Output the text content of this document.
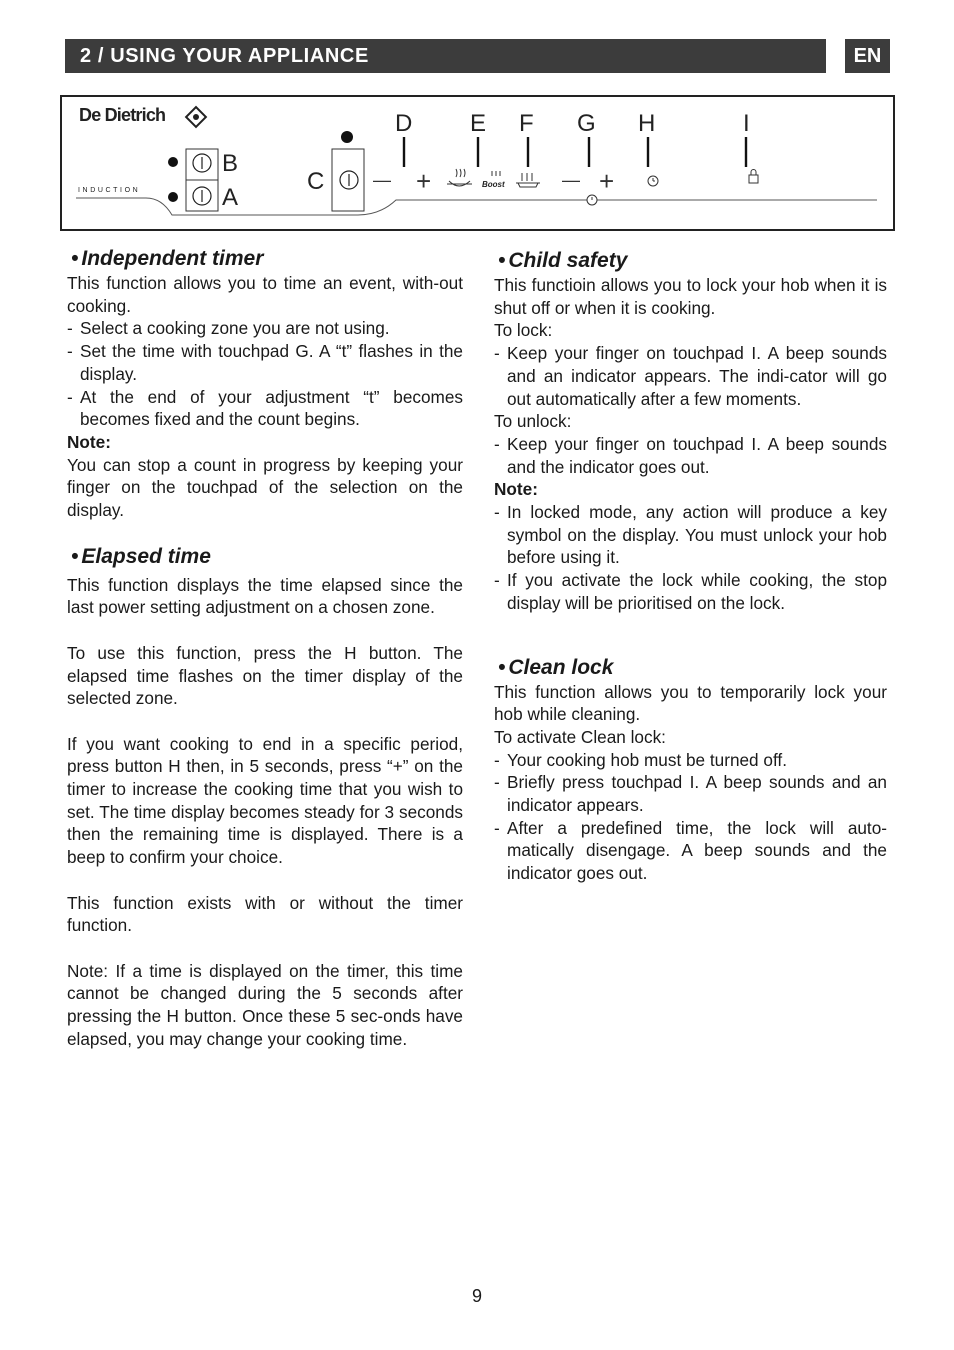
2 / USING YOUR APPLIANCE	EN
De Dietrich
INDUCTION
B
A
C
D E F G H	I
— +	Boost	— +
• Independent timer

This function allows you to time an event, with-out cooking.

- Select a cooking zone you are not using.
- Set the time with touchpad G. A “t” flashes in the display.
- At the end of your adjustment “t” becomes becomes fixed and the count begins.
Note:

You can stop a count in progress by keeping your finger on the touchpad of the selection on the display.

• Elapsed time

This function displays the time elapsed since the last power setting adjustment on a chosen zone.

To use this function, press the H button. The elapsed time flashes on the timer display of the selected zone.

If you want cooking to end in a specific period, press button H then, in 5 seconds, press “+” on the timer to increase the cooking time that you wish to set. The time display becomes steady for 3 seconds then the remaining time is displayed. There is a beep to confirm your choice.

This function exists with or without the timer function.

Note: If a time is displayed on the timer, this time cannot be changed during the 5 seconds after pressing the H button. Once these 5 sec-onds have elapsed, you may change your cooking time.

• Child safety

This functioin allows you to lock your hob when it is shut off or when it is cooking.

To lock:
- Keep your finger on touchpad I. A beep sounds and an indicator appears. The indi-cator will go out automatically after a few moments.
To unlock:
- Keep your finger on touchpad I. A beep sounds and the indicator goes out.
Note:
- In locked mode, any action will produce a key symbol on the display. You must unlock your hob before using it.
- If you activate the lock while cooking, the stop display will be prioritised on the lock.
• Clean lock

This function allows you to temporarily lock your hob while cleaning.

To activate Clean lock:
- Your cooking hob must be turned off.
- Briefly press touchpad I. A beep sounds and an indicator appears.
- After a predefined time, the lock will auto-matically disengage. A beep sounds and the indicator goes out.
9
